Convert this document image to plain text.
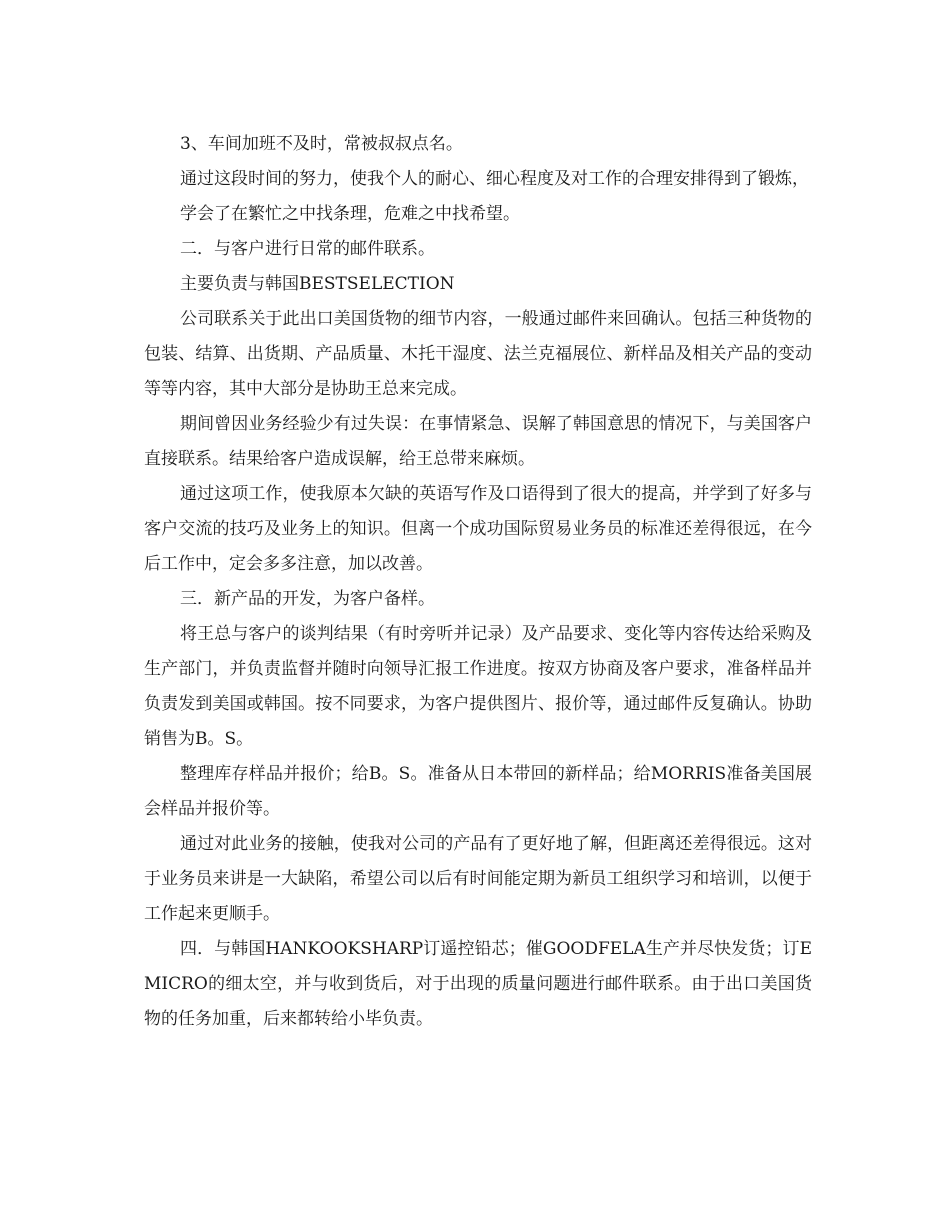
3、车间加班不及时，常被叔叔点名。

通过这段时间的努力，使我个人的耐心、细心程度及对工作的合理安排得到了锻炼，

学会了在繁忙之中找条理，危难之中找希望。

二．与客户进行日常的邮件联系。

主要负责与韩国BESTSELECTION

公司联系关于此出口美国货物的细节内容，一般通过邮件来回确认。包括三种货物的包装、结算、出货期、产品质量、木托干湿度、法兰克福展位、新样品及相关产品的变动等等内容，其中大部分是协助王总来完成。

期间曾因业务经验少有过失误：在事情紧急、误解了韩国意思的情况下，与美国客户直接联系。结果给客户造成误解，给王总带来麻烦。

通过这项工作，使我原本欠缺的英语写作及口语得到了很大的提高，并学到了好多与客户交流的技巧及业务上的知识。但离一个成功国际贸易业务员的标准还差得很远，在今后工作中，定会多多注意，加以改善。

三．新产品的开发，为客户备样。

将王总与客户的谈判结果（有时旁听并记录）及产品要求、变化等内容传达给采购及生产部门，并负责监督并随时向领导汇报工作进度。按双方协商及客户要求，准备样品并负责发到美国或韩国。按不同要求，为客户提供图片、报价等，通过邮件反复确认。协助销售为B。S。

整理库存样品并报价；给B。S。准备从日本带回的新样品；给MORRIS准备美国展会样品并报价等。

通过对此业务的接触，使我对公司的产品有了更好地了解，但距离还差得很远。这对于业务员来讲是一大缺陷，希望公司以后有时间能定期为新员工组织学习和培训，以便于工作起来更顺手。

四．与韩国HANKOOKSHARP订遥控铅芯；催GOODFELA生产并尽快发货；订EMICRO的细太空，并与收到货后，对于出现的质量问题进行邮件联系。由于出口美国货物的任务加重，后来都转给小毕负责。
